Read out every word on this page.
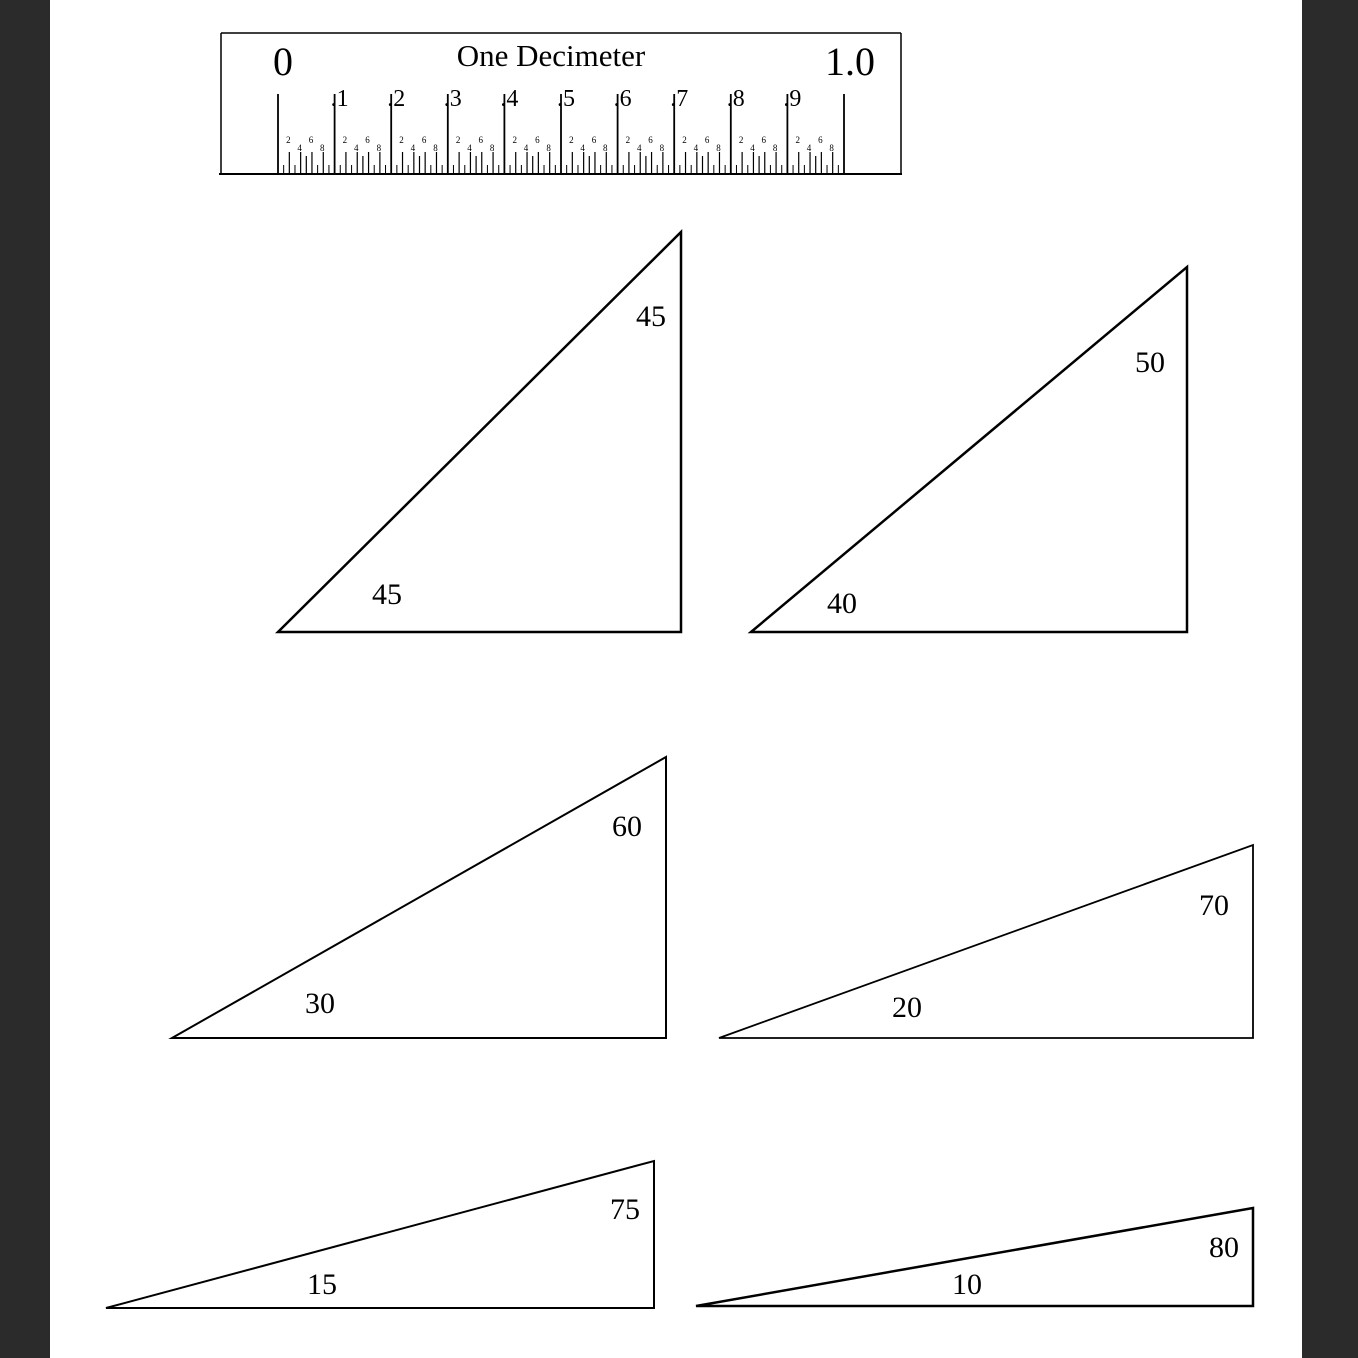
One Decimeter
0	1.0
.1 .2 .3 .4 .5 .6 .7 .8 .9
2
4
6
8
2
4
6
8
2
4
6
8
2
4
6
8
2
4
6
8
2
4
6
8
2
4
6
8
2
4
6
8
2
4
6
8
2
4
6
8
45
45
40
50
30
60
20
70
15
75
10
80
